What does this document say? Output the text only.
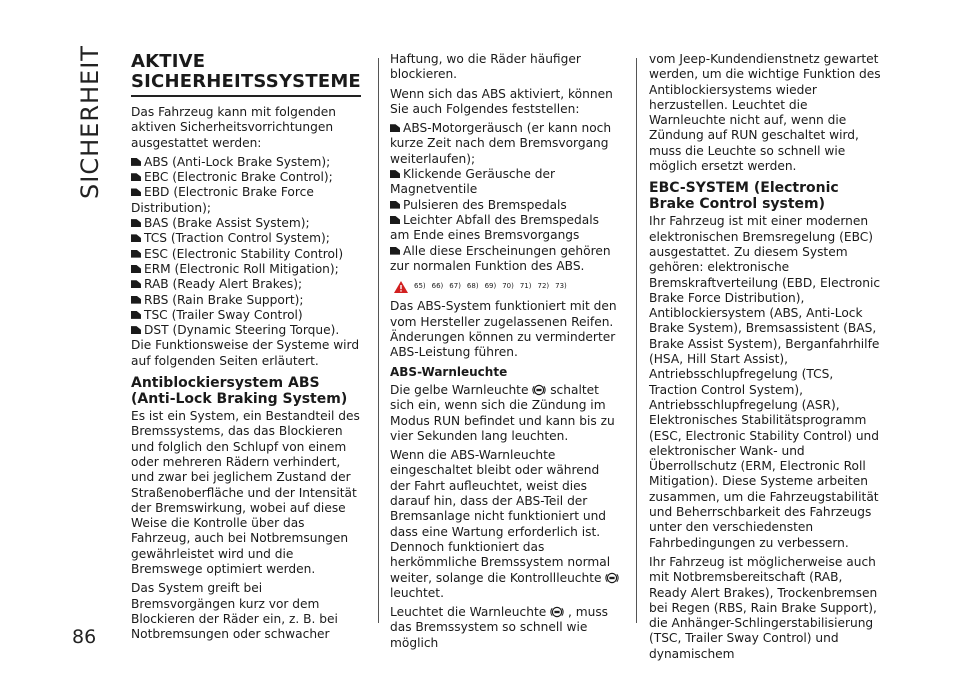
SICHERHEIT
86
AKTIVE SICHERHEITSSYSTEME

Das Fahrzeug kann mit folgenden aktiven Sicherheitsvorrichtungen ausgestattet werden:

ABS (Anti-Lock Brake System);
EBC (Electronic Brake Control);
EBD (Electronic Brake Force Distribution);
BAS (Brake Assist System);
TCS (Traction Control System);
ESC (Electronic Stability Control)
ERM (Electronic Roll Mitigation);
RAB (Ready Alert Brakes);
RBS (Rain Brake Support);
TSC (Trailer Sway Control)
DST (Dynamic Steering Torque).

Die Funktionsweise der Systeme wird auf folgenden Seiten erläutert.

Antiblockiersystem ABS (Anti-Lock Braking System)

Es ist ein System, ein Bestandteil des Bremssystems, das das Blockieren und folglich den Schlupf von einem oder mehreren Rädern verhindert, und zwar bei jeglichem Zustand der Straßenoberfläche und der Intensität der Bremswirkung, wobei auf diese Weise die Kontrolle über das Fahrzeug, auch bei Notbremsungen gewährleistet wird und die Bremswege optimiert werden.

Das System greift bei Bremsvorgängen kurz vor dem Blockieren der Räder ein, z. B. bei Notbremsungen oder schwacher

Haftung, wo die Räder häufiger blockieren.

Wenn sich das ABS aktiviert, können Sie auch Folgendes feststellen:

ABS-Motorgeräusch (er kann noch kurze Zeit nach dem Bremsvorgang weiterlaufen);
Klickende Geräusche der Magnetventile
Pulsieren des Bremspedals
Leichter Abfall des Bremspedals am Ende eines Bremsvorgangs
Alle diese Erscheinungen gehören zur normalen Funktion des ABS.
65) 66) 67) 68) 69) 70) 71) 72) 73)

Das ABS-System funktioniert mit den vom Hersteller zugelassenen Reifen. Änderungen können zu verminderter ABS-Leistung führen.

ABS-Warnleuchte

Die gelbe Warnleuchte schaltet sich ein, wenn sich die Zündung im Modus RUN befindet und kann bis zu vier Sekunden lang leuchten.

Wenn die ABS-Warnleuchte eingeschaltet bleibt oder während der Fahrt aufleuchtet, weist dies darauf hin, dass der ABS-Teil der Bremsanlage nicht funktioniert und dass eine Wartung erforderlich ist. Dennoch funktioniert das herkömmliche Bremssystem normal weiter, solange die Kontrollleuchte  leuchtet.

Leuchtet die Warnleuchte , muss das Bremssystem so schnell wie möglich

vom Jeep-Kundendienstnetz gewartet werden, um die wichtige Funktion des Antiblockiersystems wieder herzustellen. Leuchtet die Warnleuchte nicht auf, wenn die Zündung auf RUN geschaltet wird, muss die Leuchte so schnell wie möglich ersetzt werden.

EBC-SYSTEM (Electronic Brake Control system)

Ihr Fahrzeug ist mit einer modernen elektronischen Bremsregelung (EBC) ausgestattet. Zu diesem System gehören: elektronische Bremskraftverteilung (EBD, Electronic Brake Force Distribution), Antiblockiersystem (ABS, Anti-Lock Brake System), Bremsassistent (BAS, Brake Assist System), Berganfahrhilfe (HSA, Hill Start Assist), Antriebsschlupfregelung (TCS, Traction Control System), Antriebsschlupfregelung (ASR), Elektronisches Stabilitätsprogramm (ESC, Electronic Stability Control) und elektronischer Wank- und Überrollschutz (ERM, Electronic Roll Mitigation). Diese Systeme arbeiten zusammen, um die Fahrzeugstabilität und Beherrschbarkeit des Fahrzeugs unter den verschiedensten Fahrbedingungen zu verbessern.

Ihr Fahrzeug ist möglicherweise auch mit Notbremsbereitschaft (RAB, Ready Alert Brakes), Trockenbremsen bei Regen (RBS, Rain Brake Support), die Anhänger-Schlingerstabilisierung (TSC, Trailer Sway Control) und dynamischem
